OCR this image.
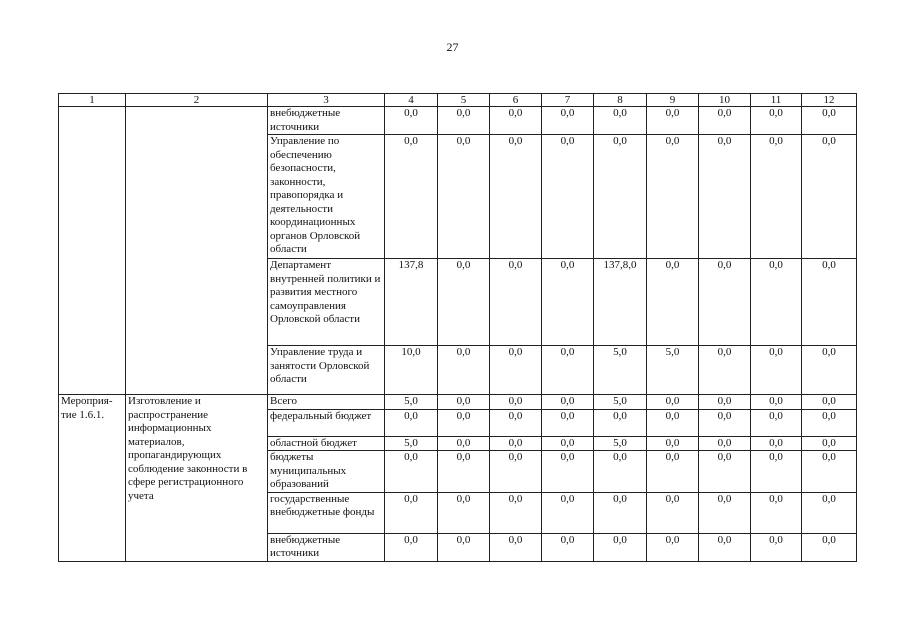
27
1	2	3	4	5	6	7	8	9	10	11	12
		внебюджетные источники	0,0	0,0	0,0	0,0	0,0	0,0	0,0	0,0	0,0
		Управление по обеспечению безопасности, законности, правопорядка и деятельности координационных органов Орловской области	0,0	0,0	0,0	0,0	0,0	0,0	0,0	0,0	0,0
		Департамент внутренней политики и развития местного самоуправления Орловской области	137,8	0,0	0,0	0,0	137,8,0	0,0	0,0	0,0	0,0
		Управление труда и занятости Орловской области	10,0	0,0	0,0	0,0	5,0	5,0	0,0	0,0	0,0
Мероприя-тие 1.6.1.	Изготовление и распространение информационных материалов, пропагандирующих соблюдение законности в сфере регистрационного учета	Всего	5,0	0,0	0,0	0,0	5,0	0,0	0,0	0,0	0,0
		федеральный бюджет	0,0	0,0	0,0	0,0	0,0	0,0	0,0	0,0	0,0
		областной бюджет	5,0	0,0	0,0	0,0	5,0	0,0	0,0	0,0	0,0
		бюджеты муниципальных образований	0,0	0,0	0,0	0,0	0,0	0,0	0,0	0,0	0,0
		государственные внебюджетные фонды	0,0	0,0	0,0	0,0	0,0	0,0	0,0	0,0	0,0
		внебюджетные источники	0,0	0,0	0,0	0,0	0,0	0,0	0,0	0,0	0,0
